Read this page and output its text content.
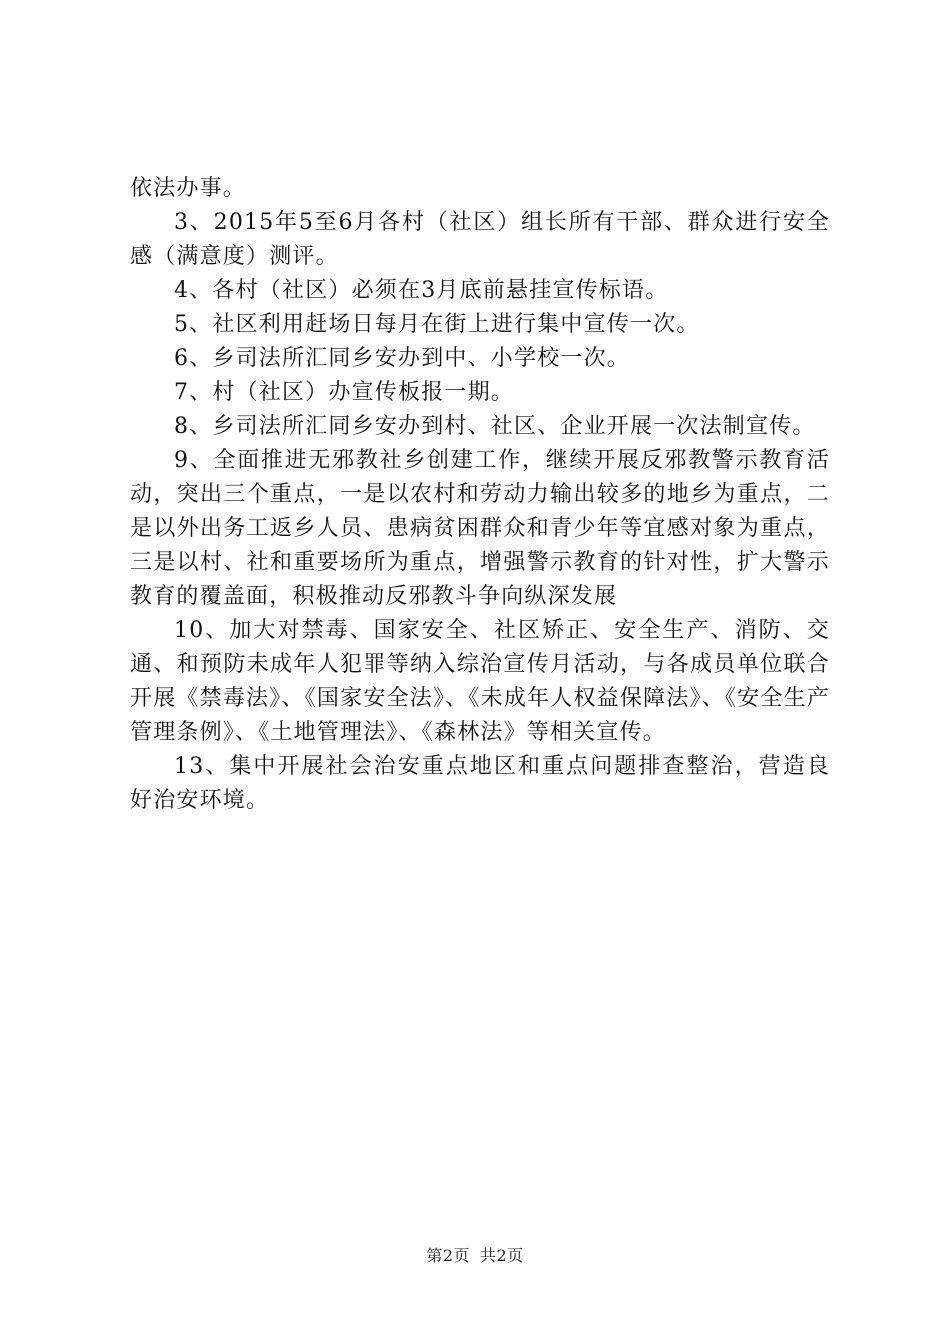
依法办事。

3、2015年5至6月各村（社区）组长所有干部、群众进行安全感（满意度）测评。

4、各村（社区）必须在3月底前悬挂宣传标语。

5、社区利用赶场日每月在街上进行集中宣传一次。

6、乡司法所汇同乡安办到中、小学校一次。

7、村（社区）办宣传板报一期。

8、乡司法所汇同乡安办到村、社区、企业开展一次法制宣传。

9、全面推进无邪教社乡创建工作，继续开展反邪教警示教育活动，突出三个重点，一是以农村和劳动力输出较多的地乡为重点，二是以外出务工返乡人员、患病贫困群众和青少年等宜感对象为重点，三是以村、社和重要场所为重点，增强警示教育的针对性，扩大警示教育的覆盖面，积极推动反邪教斗争向纵深发展

10、加大对禁毒、国家安全、社区矫正、安全生产、消防、交通、和预防未成年人犯罪等纳入综治宣传月活动，与各成员单位联合开展《禁毒法》、《国家安全法》、《未成年人权益保障法》、《安全生产管理条例》、《土地管理法》、《森林法》等相关宣传。

13、集中开展社会治安重点地区和重点问题排查整治，营造良好治安环境。

第2页 共2页
